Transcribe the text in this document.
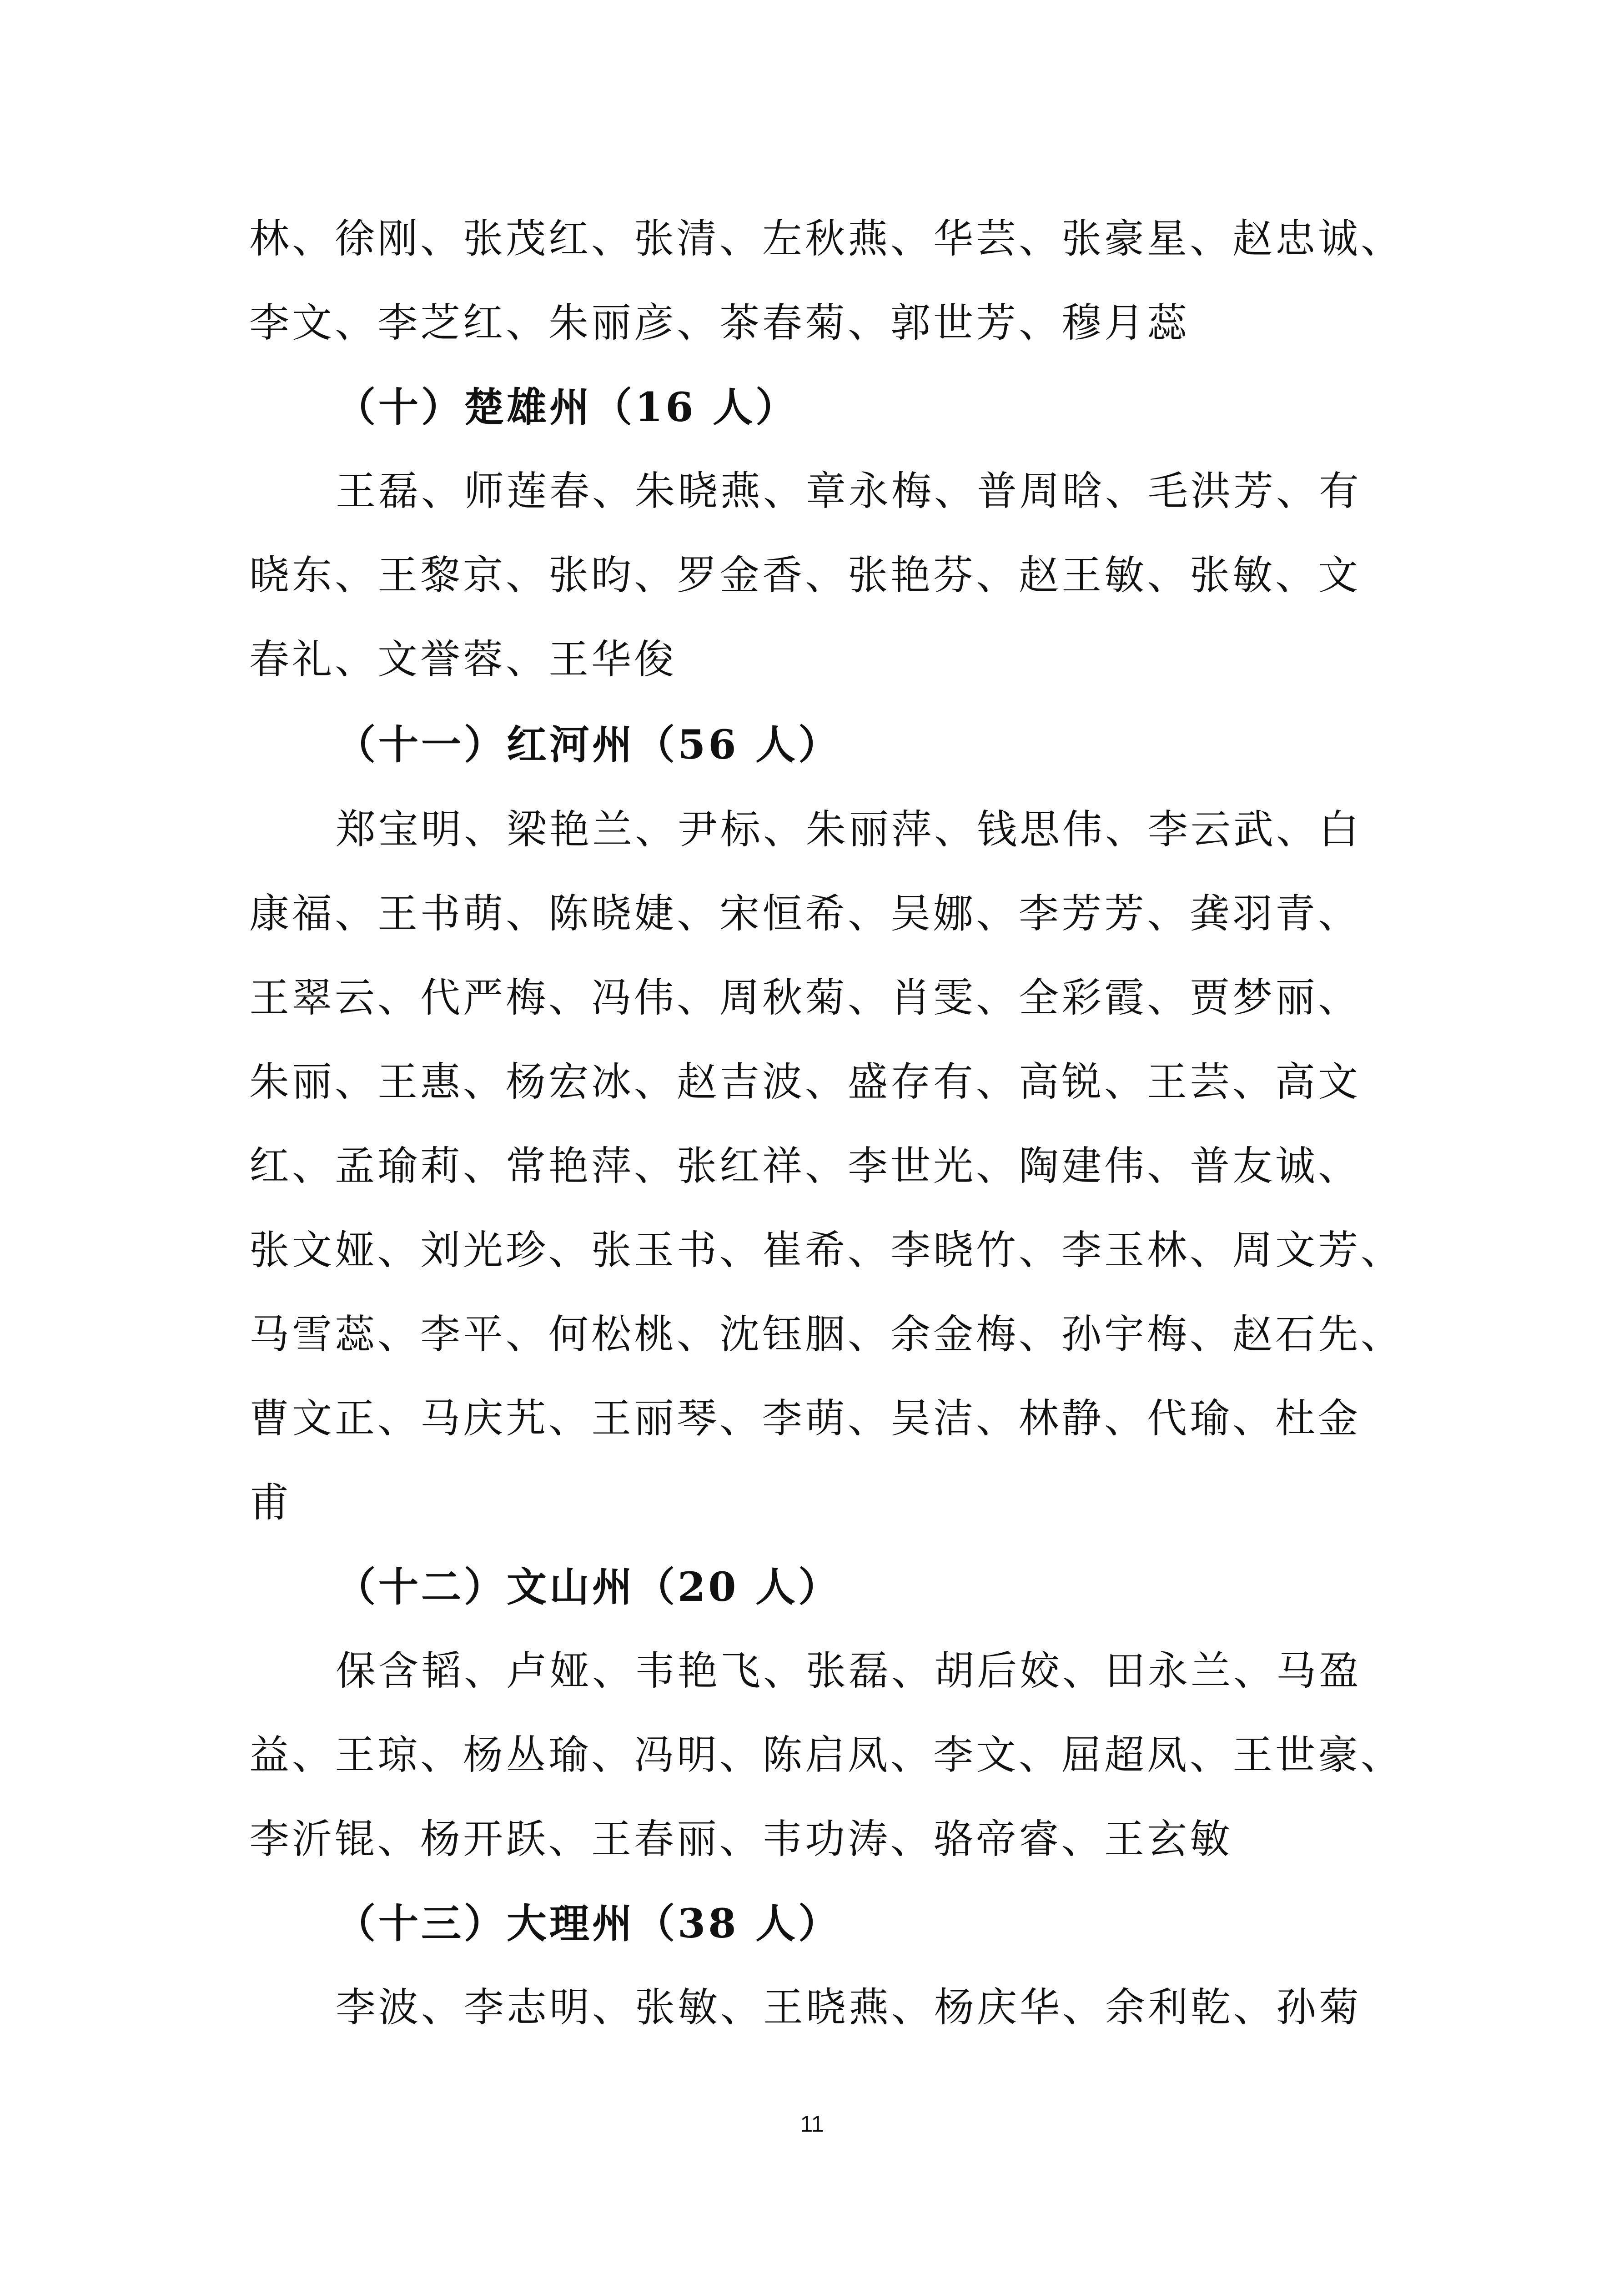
林、徐刚、张茂红、张清、左秋燕、华芸、张豪星、赵忠诚、
李文、李芝红、朱丽彦、茶春菊、郭世芳、穆月蕊
（十）楚雄州（16 人）
王磊、师莲春、朱晓燕、章永梅、普周晗、毛洪芳、有
晓东、王黎京、张昀、罗金香、张艳芬、赵王敏、张敏、文
春礼、文誉蓉、王华俊
（十一）红河州（56 人）
郑宝明、梁艳兰、尹标、朱丽萍、钱思伟、李云武、白
康福、王书萌、陈晓婕、宋恒希、吴娜、李芳芳、龚羽青、
王翠云、代严梅、冯伟、周秋菊、肖雯、全彩霞、贾梦丽、
朱丽、王惠、杨宏冰、赵吉波、盛存有、高锐、王芸、高文
红、孟瑜莉、常艳萍、张红祥、李世光、陶建伟、普友诚、
张文娅、刘光珍、张玉书、崔希、李晓竹、李玉林、周文芳、
马雪蕊、李平、何松桃、沈钰胭、余金梅、孙宇梅、赵石先、
曹文正、马庆艽、王丽琴、李萌、吴洁、林静、代瑜、杜金
甫
（十二）文山州（20 人）
保含韬、卢娅、韦艳飞、张磊、胡后姣、田永兰、马盈
益、王琼、杨丛瑜、冯明、陈启凤、李文、屈超凤、王世豪、
李沂锟、杨开跃、王春丽、韦功涛、骆帝睿、王玄敏
（十三）大理州（38 人）
李波、李志明、张敏、王晓燕、杨庆华、余利乾、孙菊
11
